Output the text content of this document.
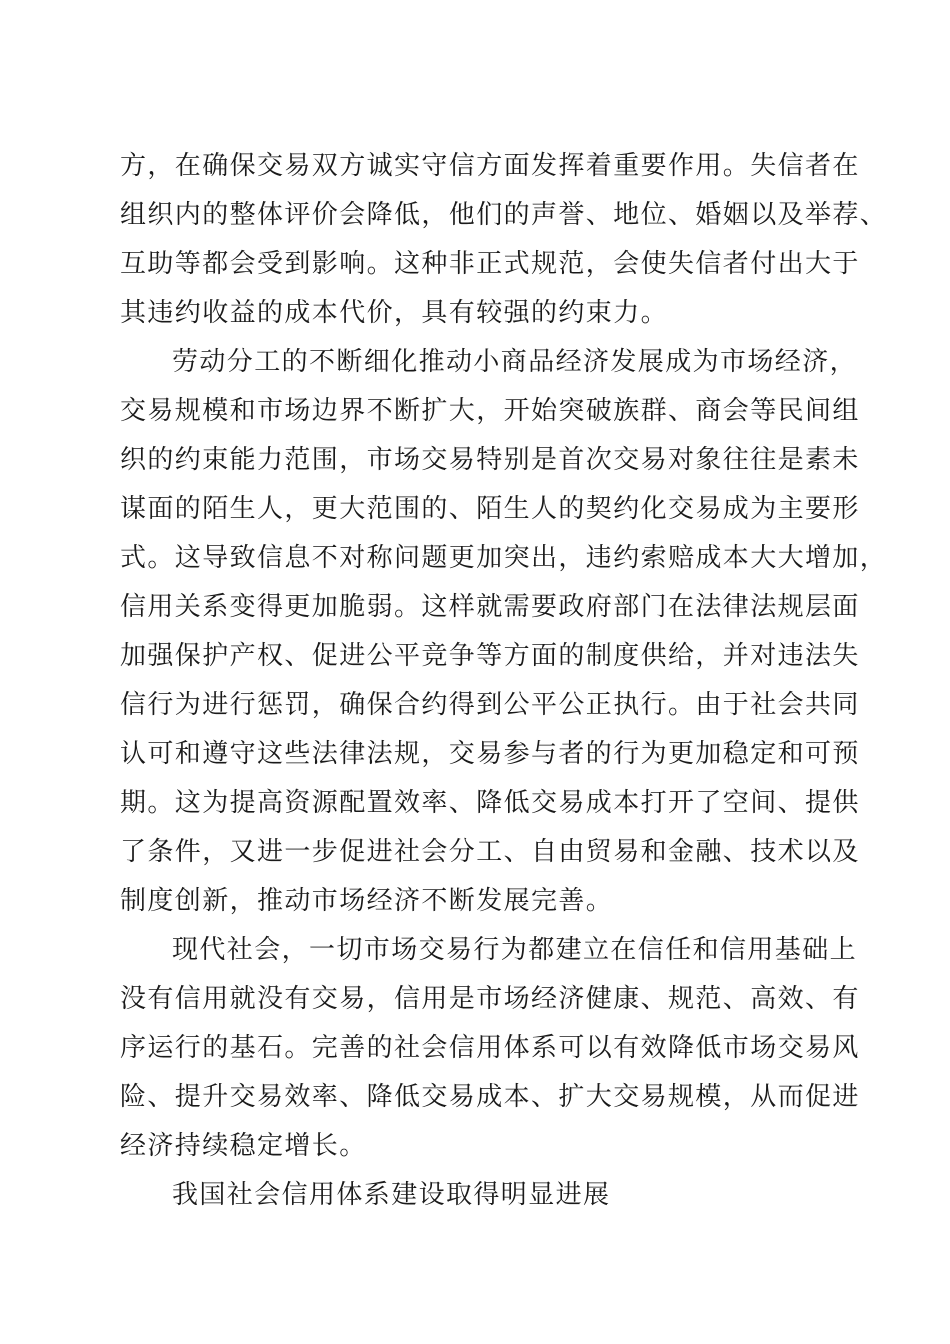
方，在确保交易双方诚实守信方面发挥着重要作用。失信者在
组织内的整体评价会降低，他们的声誉、地位、婚姻以及举荐、
互助等都会受到影响。这种非正式规范，会使失信者付出大于
其违约收益的成本代价，具有较强的约束力。
劳动分工的不断细化推动小商品经济发展成为市场经济，
交易规模和市场边界不断扩大，开始突破族群、商会等民间组
织的约束能力范围，市场交易特别是首次交易对象往往是素未
谋面的陌生人，更大范围的、陌生人的契约化交易成为主要形
式。这导致信息不对称问题更加突出，违约索赔成本大大增加，
信用关系变得更加脆弱。这样就需要政府部门在法律法规层面
加强保护产权、促进公平竞争等方面的制度供给，并对违法失
信行为进行惩罚，确保合约得到公平公正执行。由于社会共同
认可和遵守这些法律法规，交易参与者的行为更加稳定和可预
期。这为提高资源配置效率、降低交易成本打开了空间、提供
了条件，又进一步促进社会分工、自由贸易和金融、技术以及
制度创新，推动市场经济不断发展完善。
现代社会，一切市场交易行为都建立在信任和信用基础上
没有信用就没有交易，信用是市场经济健康、规范、高效、有
序运行的基石。完善的社会信用体系可以有效降低市场交易风
险、提升交易效率、降低交易成本、扩大交易规模，从而促进
经济持续稳定增长。
我国社会信用体系建设取得明显进展
